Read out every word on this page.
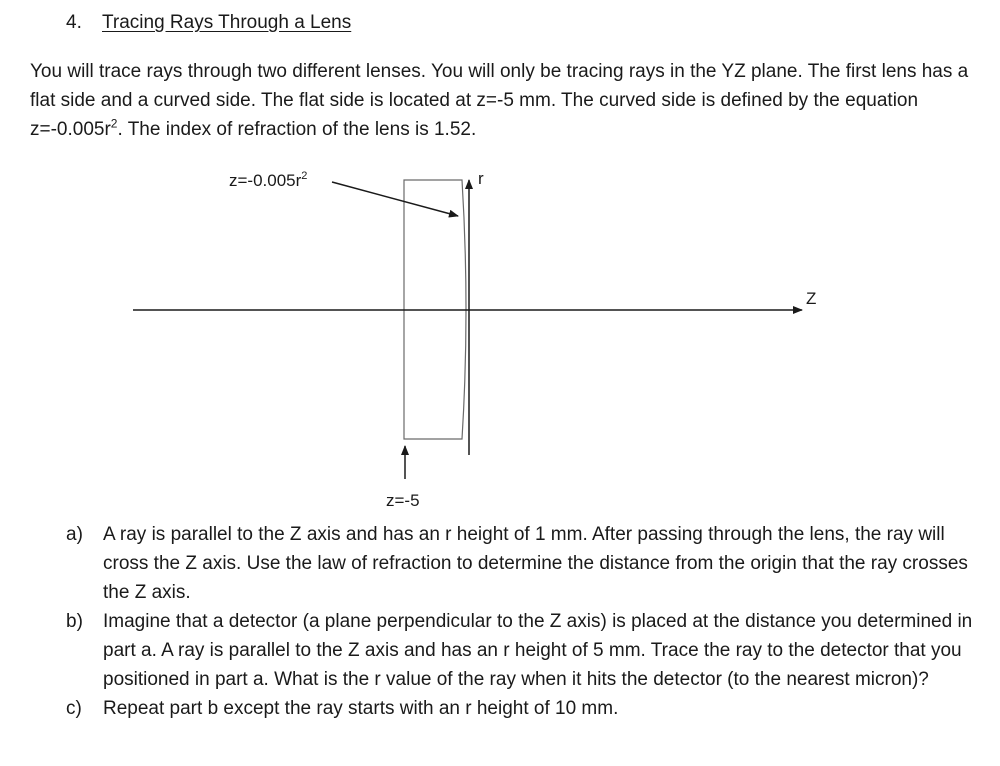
4. Tracing Rays Through a Lens

You will trace rays through two different lenses. You will only be tracing rays in the YZ plane. The first lens has a flat side and a curved side. The flat side is located at z=-5 mm. The curved side is defined by the equation $z=-0.005r^2$. The index of refraction of the lens is 1.52.

$z=-0.005r^2$	r
Z
z=-5
a) A ray is parallel to the Z axis and has an r height of 1 mm. After passing through the lens, the ray will cross the Z axis. Use the law of refraction to determine the distance from the origin that the ray crosses the Z axis.
b) Imagine that a detector (a plane perpendicular to the Z axis) is placed at the distance you determined in part a. A ray is parallel to the Z axis and has an r height of 5 mm. Trace the ray to the detector that you positioned in part a. What is the r value of the ray when it hits the detector (to the nearest micron)?
c) Repeat part b except the ray starts with an r height of 10 mm.
